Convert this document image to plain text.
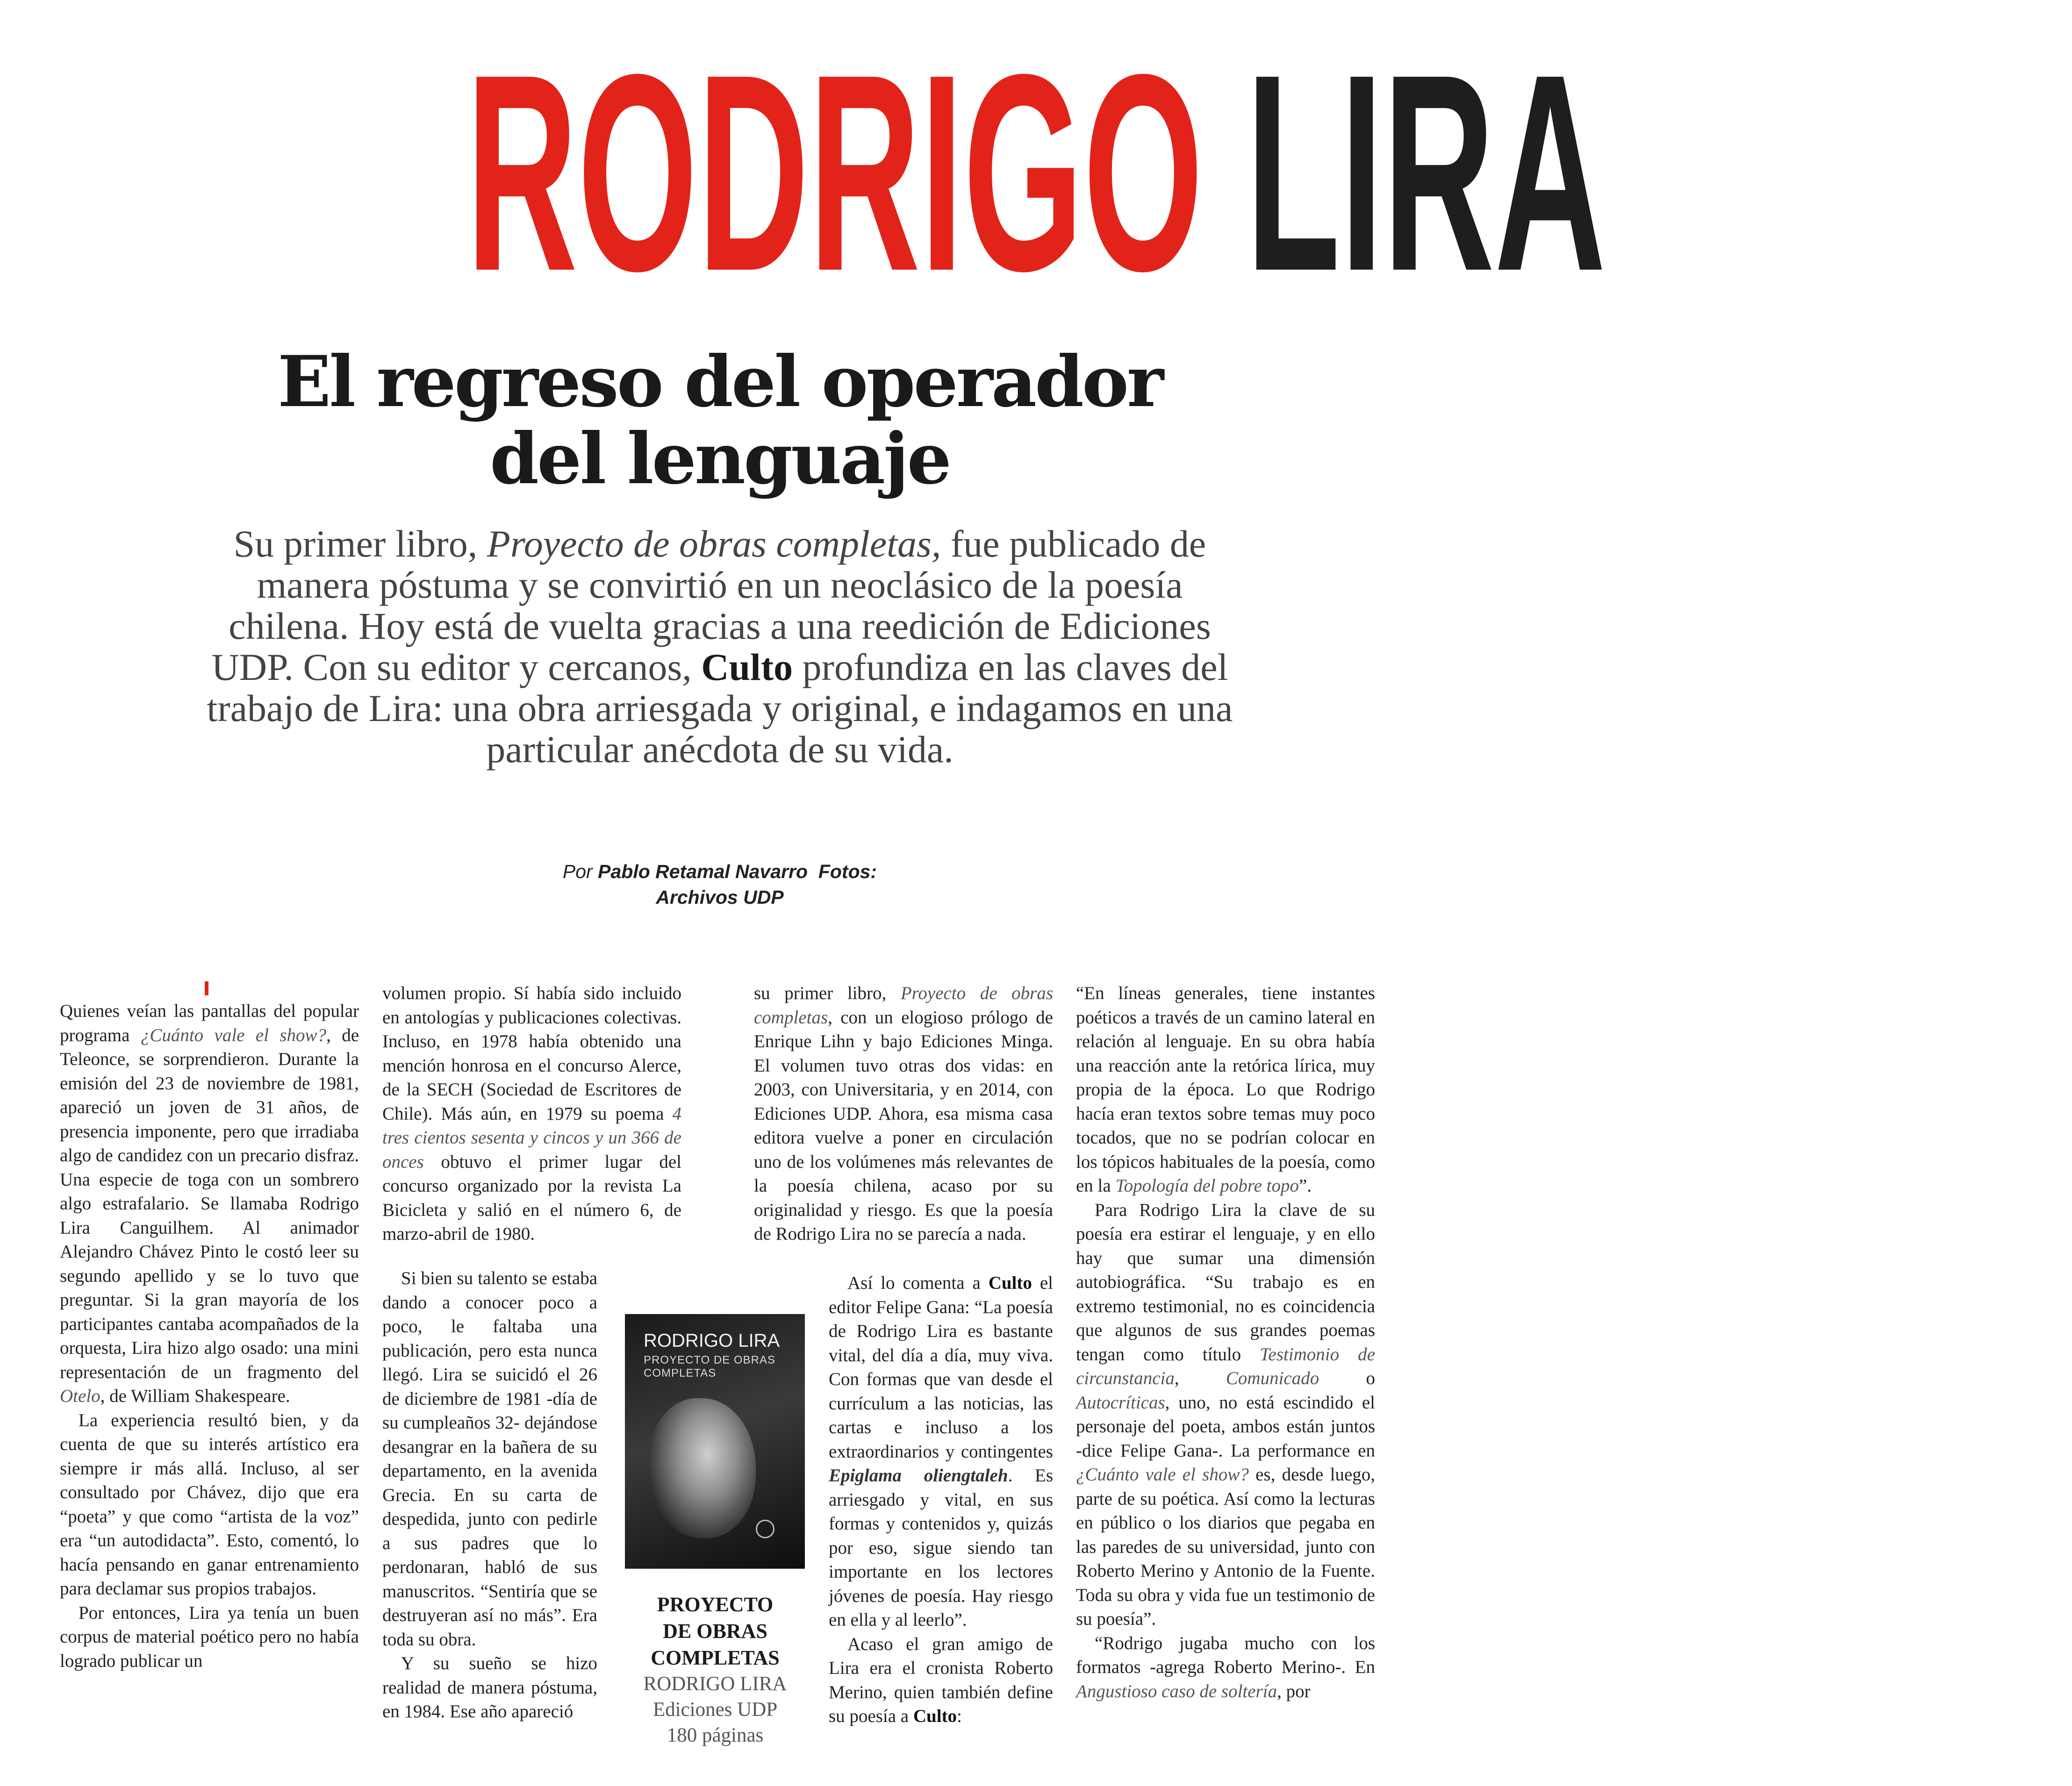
RODRIGO LIRA
El regreso del operador
del lenguaje
Su primer libro, Proyecto de obras completas, fue publicado de manera póstuma y se convirtió en un neoclásico de la poesía chilena. Hoy está de vuelta gracias a una reedición de Ediciones UDP. Con su editor y cercanos, Culto profundiza en las claves del trabajo de Lira: una obra arriesgada y original, e indagamos en una particular anécdota de su vida.
Por Pablo Retamal Navarro Fotos:
Archivos UDP

Quienes veían las pantallas del popular programa ¿Cuánto vale el show?, de Teleonce, se sorprendieron. Durante la emisión del 23 de noviembre de 1981, apareció un joven de 31 años, de presencia imponente, pero que irradiaba algo de candidez con un precario disfraz. Una especie de toga con un sombrero algo estrafalario. Se llamaba Rodrigo Lira Canguilhem. Al animador Alejandro Chávez Pinto le costó leer su segundo apellido y se lo tuvo que preguntar. Si la gran mayoría de los participantes cantaba acompañados de la orquesta, Lira hizo algo osado: una mini representación de un fragmento del Otelo, de William Shakespeare.

La experiencia resultó bien, y da cuenta de que su interés artístico era siempre ir más allá. Incluso, al ser consultado por Chávez, dijo que era “poeta” y que como “artista de la voz” era “un autodidacta”. Esto, comentó, lo hacía pensando en ganar entrenamiento para declamar sus propios trabajos.

Por entonces, Lira ya tenía un buen corpus de material poético pero no había logrado publicar un

volumen propio. Sí había sido incluido en antologías y publicaciones colectivas. Incluso, en 1978 había obtenido una mención honrosa en el concurso Alerce, de la SECH (Sociedad de Escritores de Chile). Más aún, en 1979 su poema 4 tres cientos sesenta y cincos y un 366 de onces obtuvo el primer lugar del concurso organizado por la revista La Bicicleta y salió en el número 6, de marzo-abril de 1980.

Si bien su talento se estaba dando a conocer poco a poco, le faltaba una publicación, pero esta nunca llegó. Lira se suicidó el 26 de diciembre de 1981 -día de su cumpleaños 32- dejándose desangrar en la bañera de su departamento, en la avenida Grecia. En su carta de despedida, junto con pedirle a sus padres que lo perdonaran, habló de sus manuscritos. “Sentiría que se destruyeran así no más”. Era toda su obra.

Y su sueño se hizo realidad de manera póstuma, en 1984. Ese año apareció

su primer libro, Proyecto de obras completas, con un elogioso prólogo de Enrique Lihn y bajo Ediciones Minga. El volumen tuvo otras dos vidas: en 2003, con Universitaria, y en 2014, con Ediciones UDP. Ahora, esa misma casa editora vuelve a poner en circulación uno de los volúmenes más relevantes de la poesía chilena, acaso por su originalidad y riesgo. Es que la poesía de Rodrigo Lira no se parecía a nada.

Así lo comenta a Culto el editor Felipe Gana: “La poesía de Rodrigo Lira es bastante vital, del día a día, muy viva. Con formas que van desde el currículum a las noticias, las cartas e incluso a los extraordinarios y contingentes Epiglama oliengtaleh. Es arriesgado y vital, en sus formas y contenidos y, quizás por eso, sigue siendo tan importante en los lectores jóvenes de poesía. Hay riesgo en ella y al leerlo”.

Acaso el gran amigo de Lira era el cronista Roberto Merino, quien también define su poesía a Culto:

“En líneas generales, tiene instantes poéticos a través de un camino lateral en relación al lenguaje. En su obra había una reacción ante la retórica lírica, muy propia de la época. Lo que Rodrigo hacía eran textos sobre temas muy poco tocados, que no se podrían colocar en los tópicos habituales de la poesía, como en la Topología del pobre topo”.

Para Rodrigo Lira la clave de su poesía era estirar el lenguaje, y en ello hay que sumar una dimensión autobiográfica. “Su trabajo es en extremo testimonial, no es coincidencia que algunos de sus grandes poemas tengan como título Testimonio de circunstancia, Comunicado o Autocríticas, uno, no está escindido el personaje del poeta, ambos están juntos -dice Felipe Gana-. La performance en ¿Cuánto vale el show? es, desde luego, parte de su poética. Así como la lecturas en público o los diarios que pegaba en las paredes de su universidad, junto con Roberto Merino y Antonio de la Fuente. Toda su obra y vida fue un testimonio de su poesía”.

“Rodrigo jugaba mucho con los formatos -agrega Roberto Merino-. En Angustioso caso de soltería, por

RODRIGO LIRA
PROYECTO DE OBRAS COMPLETAS
PROYECTO
DE OBRAS
COMPLETAS
RODRIGO LIRA
Ediciones UDP
180 páginas
